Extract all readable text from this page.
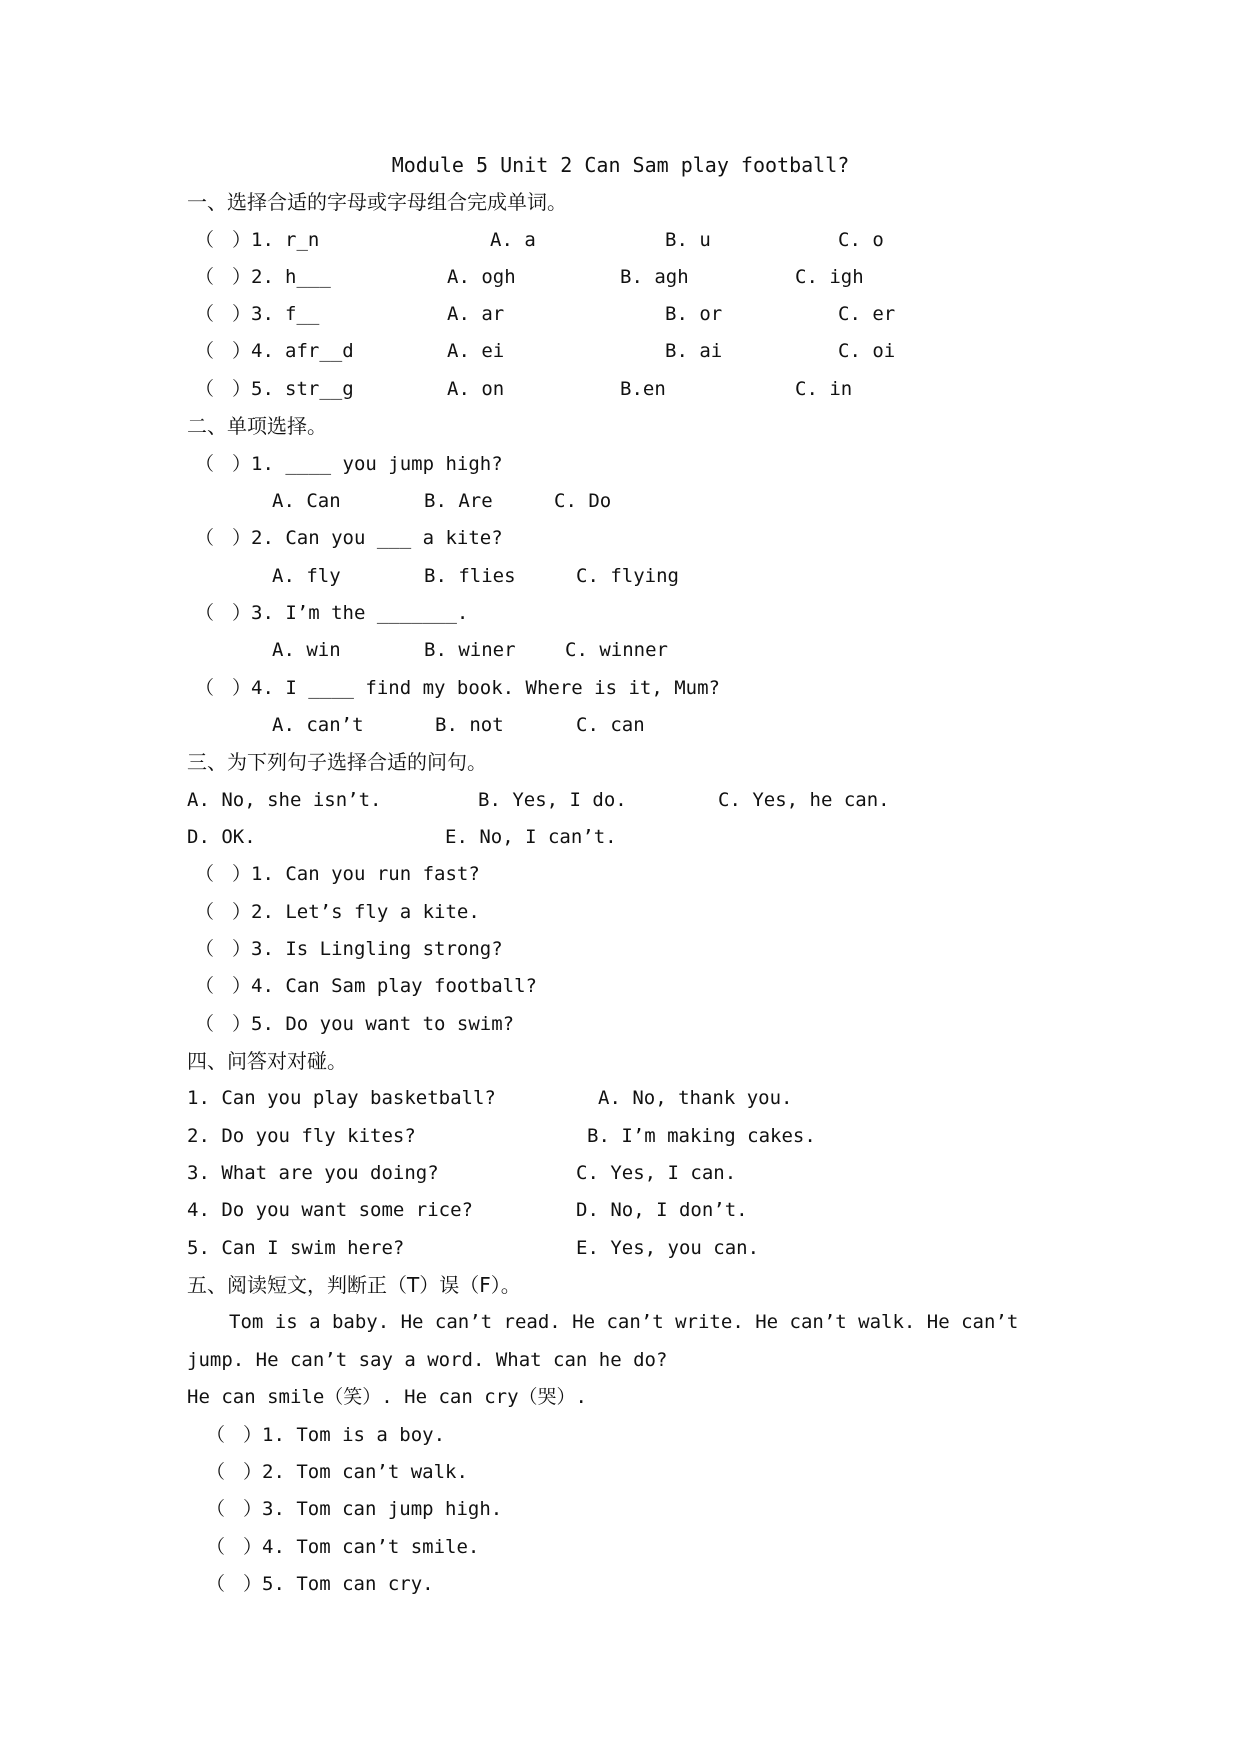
Module 5 Unit 2 Can Sam play football?
一、选择合适的字母或字母组合完成单词。
（ ）1. r_n	A. a	B. u	C. o
（ ）2. h___	A. ogh	B. agh	C. igh
（ ）3. f__	A. ar	B. or	C. er
（ ）4. afr__d	A. ei	B. ai	C. oi
（ ）5. str__g	A. on	B.en	C. in
二、单项选择。
（ ）1. ____ you jump high?
A. Can	B. Are	C. Do
（ ）2. Can you ___ a kite?
A. fly	B. flies	C. flying
（ ）3. I’m the _______.
A. win	B. winer	C. winner
（ ）4. I ____ find my book. Where is it, Mum?
A. can’t	B. not	C. can
三、为下列句子选择合适的问句。
A. No, she isn’t.	B. Yes, I do.	C. Yes, he can.
D. OK.	E. No, I can’t.
（ ）1. Can you run fast?
（ ）2. Let’s fly a kite.
（ ）3. Is Lingling strong?
（ ）4. Can Sam play football?
（ ）5. Do you want to swim?
四、问答对对碰。
1. Can you play basketball?	A. No, thank you.
2. Do you fly kites?	B. I’m making cakes.
3. What are you doing?	C. Yes, I can.
4. Do you want some rice?	D. No, I don’t.
5. Can I swim here?	E. Yes, you can.
五、阅读短文，判断正（T）误（F）。
Tom is a baby. He can’t read. He can’t write. He can’t walk. He can’t
jump. He can’t say a word. What can he do?
He can smile（笑）. He can cry（哭）.
（ ）1. Tom is a boy.
（ ）2. Tom can’t walk.
（ ）3. Tom can jump high.
（ ）4. Tom can’t smile.
（ ）5. Tom can cry.
